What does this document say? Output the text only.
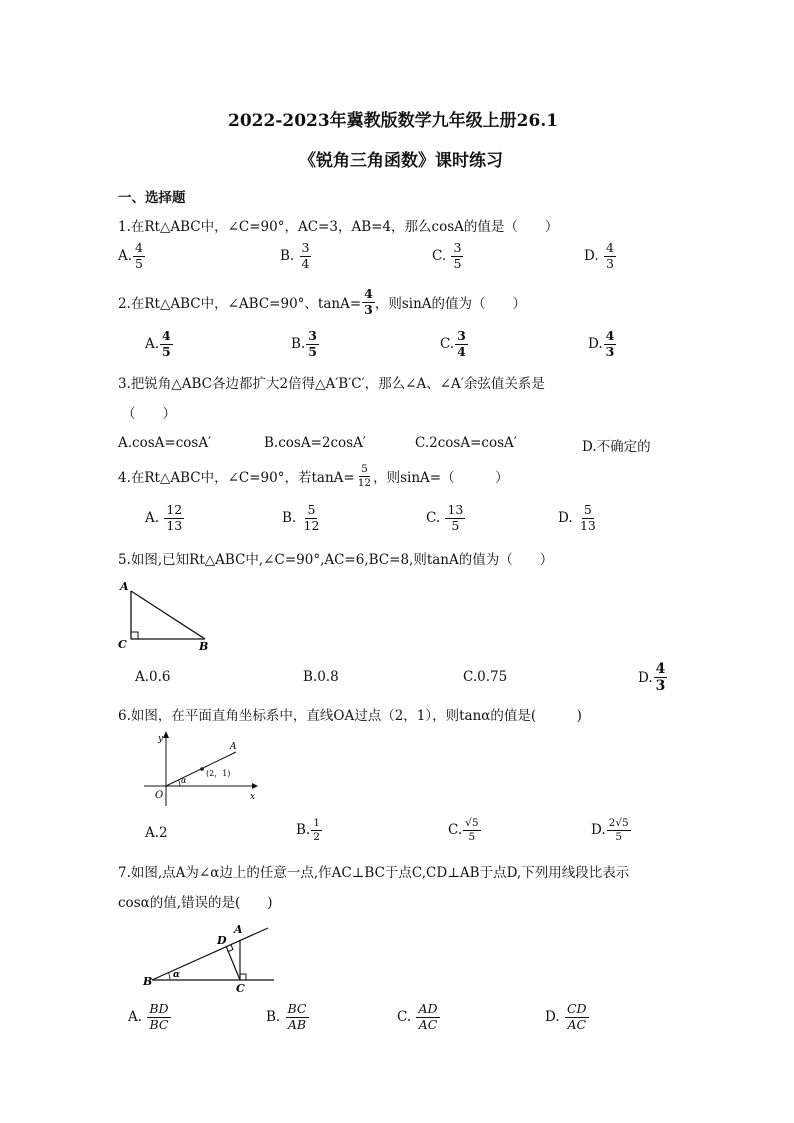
2022-2023年冀教版数学九年级上册26.1
《锐角三角函数》课时练习
一、选择题
1.在Rt△ABC中，∠C=90°，AC=3，AB=4，那么cosA的值是（　　）
A. $\frac{4}{5}$	B.
$\frac{3}{4}$	C.
$\frac{3}{5}$	D.
$\frac{4}{3}$
2.在Rt△ABC中，∠ABC=90°、$\tan A= \frac{4}{3}$ ，则sinA的值为（　　）
A. $\frac{4}{5}$	B. $\frac{3}{5}$	C. $\frac{3}{4}$	D. $\frac{4}{3}$
3.把锐角△ABC各边都扩大2倍得△A′B′C′，那么∠A、∠A′余弦值关系是
（　　）
A.cosA=cosA′	B.cosA=2cosA′	C.2cosA=cosA′	D.不确定的
4.在Rt△ABC中，∠C=90°，若$\tan A= \frac{5}{12}$ ，则sinA=（　　　）
A.
$\frac{12}{13}$	B.
$\frac{5}{12}$	C.
$\frac{13}{5}$	D.
$\frac{5}{13}$
5.如图,已知Rt△ABC中,∠C=90°,AC=6,BC=8,则tanA的值为（　　）
A
C	B
A.0.6	B.0.8	C.0.75	D. $\frac{4}{3}$
6.如图，在平面直角坐标系中，直线OA过点（2，1），则tanα的值是(　　　)
y
x
O
A
α
(2，1)
A.2	B. $\frac{1}{2}$	C. $\frac{√5}{5}$	D. $\frac{2√5}{5}$
7.如图,点A为∠α边上的任意一点,作AC⊥BC于点C,CD⊥AB于点D,下列用线段比表示
cosα的值,错误的是(　　)
B α
D
A
C
A.
$\frac{BD}{BC}$	B.
$\frac{BC}{AB}$	C.
$\frac{AD}{AC}$	D.
$\frac{CD}{AC}$
